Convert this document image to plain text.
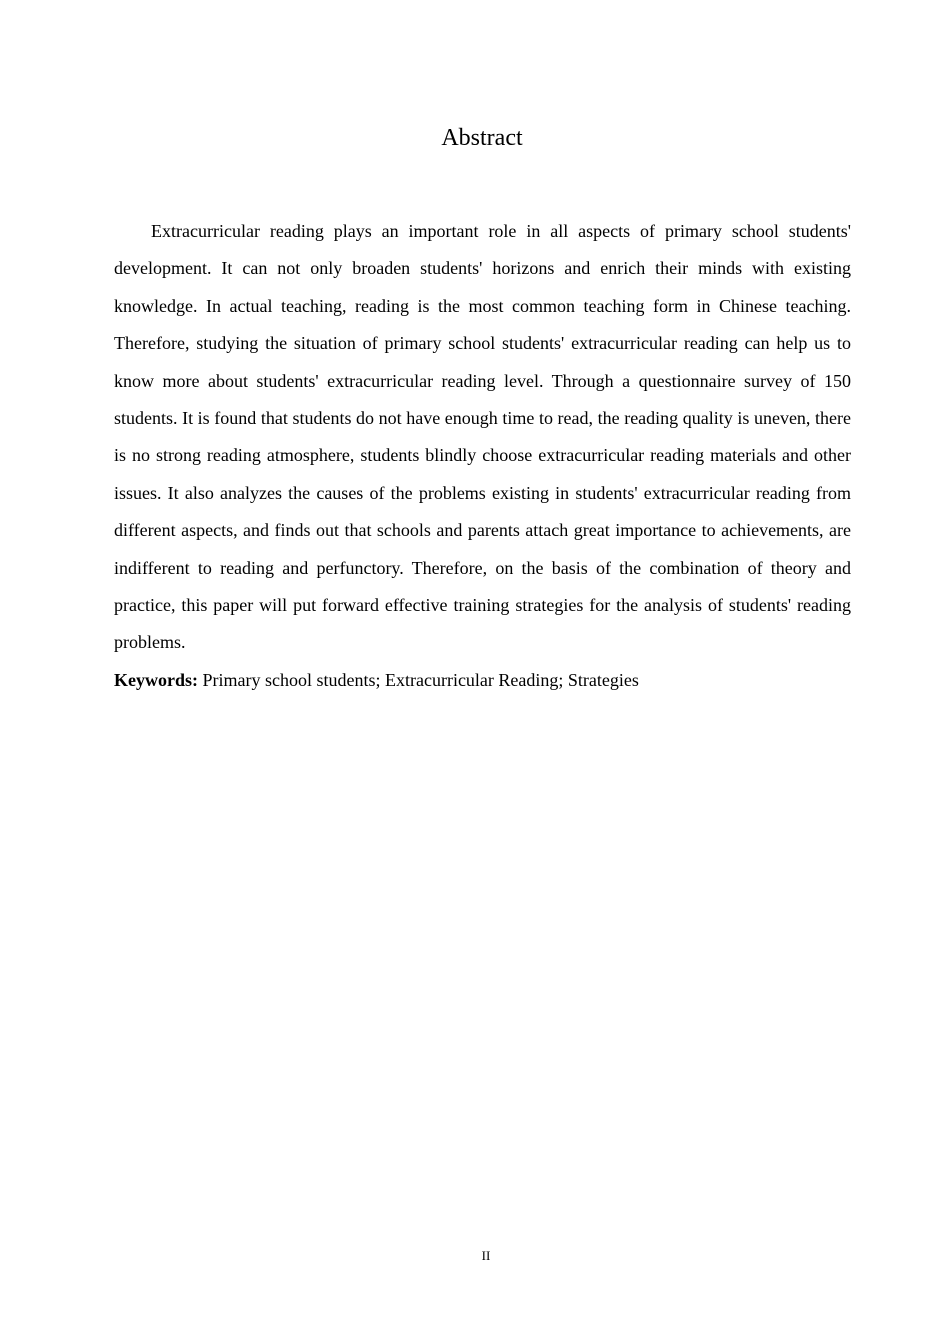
Abstract

Extracurricular reading plays an important role in all aspects of primary school students' development. It can not only broaden students' horizons and enrich their minds with existing knowledge. In actual teaching, reading is the most common teaching form in Chinese teaching. Therefore, studying the situation of primary school students' extracurricular reading can help us to know more about students' extracurricular reading level. Through a questionnaire survey of 150 students. It is found that students do not have enough time to read, the reading quality is uneven, there is no strong reading atmosphere, students blindly choose extracurricular reading materials and other issues. It also analyzes the causes of the problems existing in students' extracurricular reading from different aspects, and finds out that schools and parents attach great importance to achievements, are indifferent to reading and perfunctory. Therefore, on the basis of the combination of theory and practice, this paper will put forward effective training strategies for the analysis of students' reading problems.

Keywords: Primary school students; Extracurricular Reading; Strategies

II
